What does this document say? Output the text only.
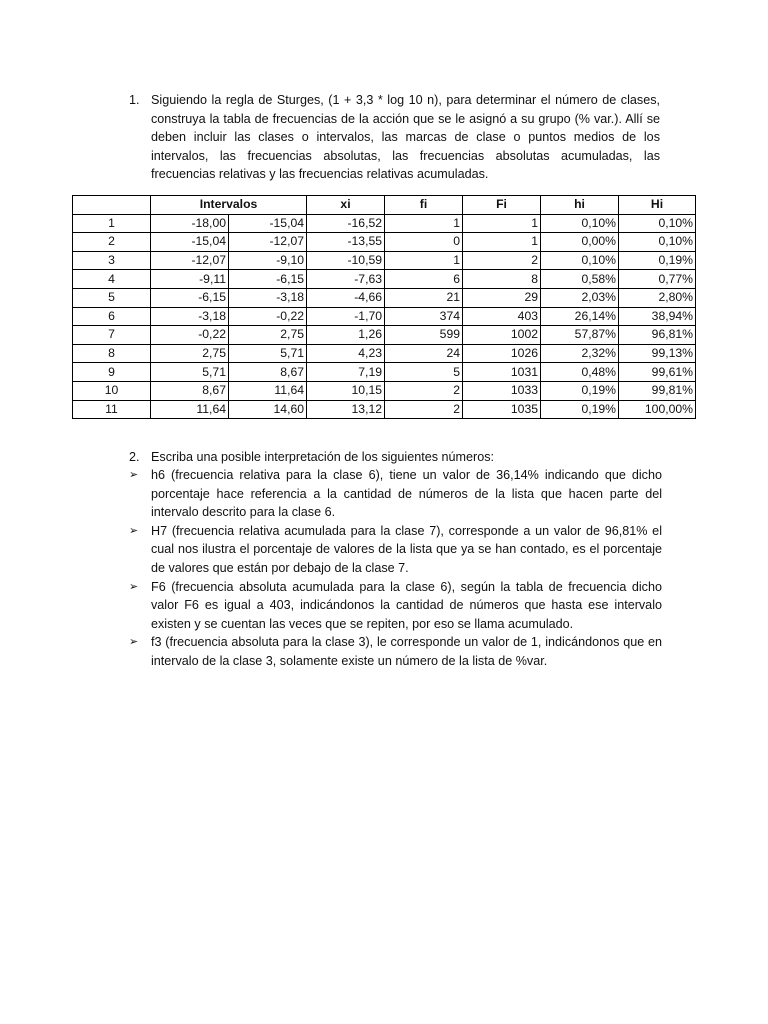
1. Siguiendo la regla de Sturges, (1 + 3,3 * log 10 n), para determinar el número de clases, construya la tabla de frecuencias de la acción que se le asignó a su grupo (% var.). Allí se deben incluir las clases o intervalos, las marcas de clase o puntos medios de los intervalos, las frecuencias absolutas, las frecuencias absolutas acumuladas, las frecuencias relativas y las frecuencias relativas acumuladas.
	Intervalos		xi	fi	Fi	hi	Hi
1	-18,00	-15,04	-16,52	1	1	0,10%	0,10%
2	-15,04	-12,07	-13,55	0	1	0,00%	0,10%
3	-12,07	-9,10	-10,59	1	2	0,10%	0,19%
4	-9,11	-6,15	-7,63	6	8	0,58%	0,77%
5	-6,15	-3,18	-4,66	21	29	2,03%	2,80%
6	-3,18	-0,22	-1,70	374	403	26,14%	38,94%
7	-0,22	2,75	1,26	599	1002	57,87%	96,81%
8	2,75	5,71	4,23	24	1026	2,32%	99,13%
9	5,71	8,67	7,19	5	1031	0,48%	99,61%
10	8,67	11,64	10,15	2	1033	0,19%	99,81%
11	11,64	14,60	13,12	2	1035	0,19%	100,00%
2. Escriba una posible interpretación de los siguientes números:
➢	h6 (frecuencia relativa para la clase 6), tiene un valor de 36,14% indicando que dicho porcentaje hace referencia a la cantidad de números de la lista que hacen parte del intervalo descrito para la clase 6.
➢	H7 (frecuencia relativa acumulada para la clase 7), corresponde a un valor de 96,81% el cual nos ilustra el porcentaje de valores de la lista que ya se han contado, es el porcentaje de valores que están por debajo de la clase 7.
➢	F6 (frecuencia absoluta acumulada para la clase 6), según la tabla de frecuencia dicho valor F6 es igual a 403, indicándonos la cantidad de números que hasta ese intervalo existen y se cuentan las veces que se repiten, por eso se llama acumulado.
➢	f3 (frecuencia absoluta para la clase 3), le corresponde un valor de 1, indicándonos que en intervalo de la clase 3, solamente existe un número de la lista de %var.
